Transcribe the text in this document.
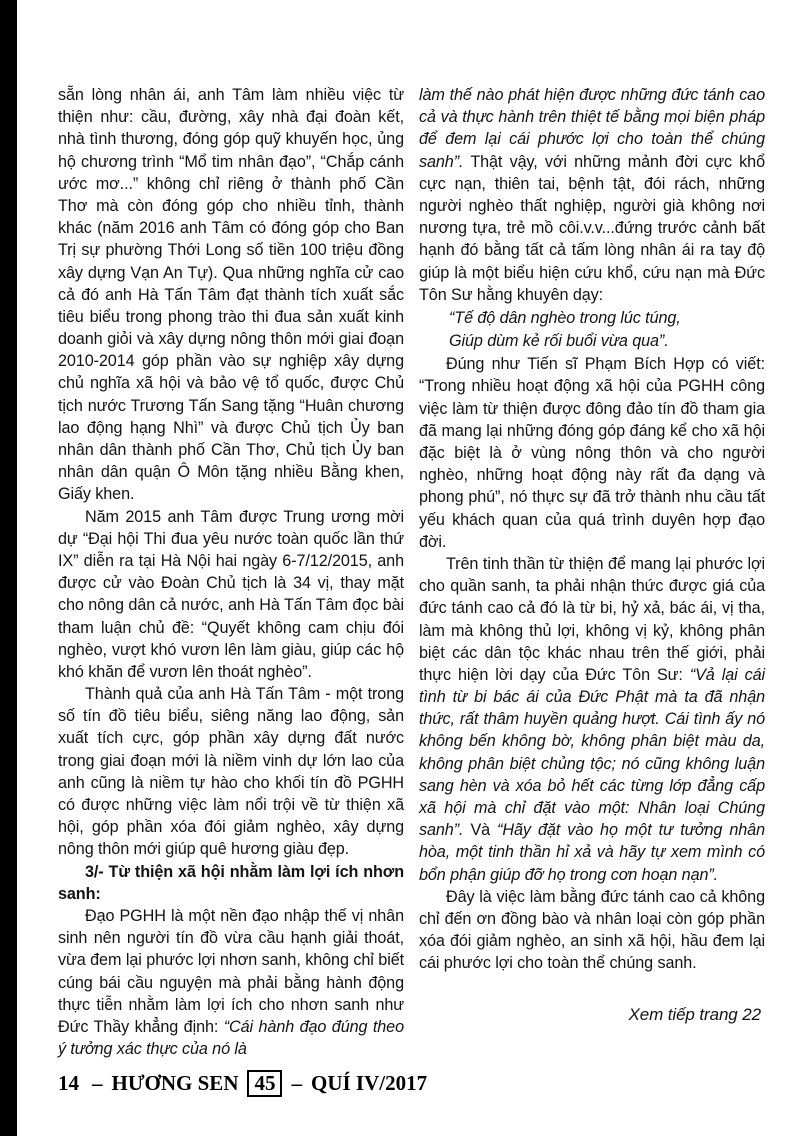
sẵn lòng nhân ái, anh Tâm làm nhiều việc từ thiện như: cầu, đường, xây nhà đại đoàn kết, nhà tình thương, đóng góp quỹ khuyến học, ủng hộ chương trình “Mổ tim nhân đạo”, “Chắp cánh ước mơ...” không chỉ riêng ở thành phố Cần Thơ mà còn đóng góp cho nhiều tỉnh, thành khác (năm 2016 anh Tâm có đóng góp cho Ban Trị sự phường Thới Long số tiền 100 triệu đồng xây dựng Vạn An Tự). Qua những nghĩa cử cao cả đó anh Hà Tấn Tâm đạt thành tích xuất sắc tiêu biểu trong phong trào thi đua sản xuất kinh doanh giỏi và xây dựng nông thôn mới giai đoạn 2010-2014 góp phần vào sự nghiệp xây dựng chủ nghĩa xã hội và bảo vệ tổ quốc, được Chủ tịch nước Trương Tấn Sang tặng “Huân chương lao động hạng Nhì” và được Chủ tịch Ủy ban nhân dân thành phố Cần Thơ, Chủ tịch Ủy ban nhân dân quận Ô Môn tặng nhiều Bằng khen, Giấy khen.

Năm 2015 anh Tâm được Trung ương mời dự “Đại hội Thi đua yêu nước toàn quốc lần thứ IX” diễn ra tại Hà Nội hai ngày 6-7/12/2015, anh được cử vào Đoàn Chủ tịch là 34 vị, thay mặt cho nông dân cả nước, anh Hà Tấn Tâm đọc bài tham luận chủ đề: “Quyết không cam chịu đói nghèo, vượt khó vươn lên làm giàu, giúp các hộ khó khăn để vươn lên thoát nghèo”.

Thành quả của anh Hà Tấn Tâm - một trong số tín đồ tiêu biểu, siêng năng lao động, sản xuất tích cực, góp phần xây dựng đất nước trong giai đoạn mới là niềm vinh dự lớn lao của anh cũng là niềm tự hào cho khối tín đồ PGHH có được những việc làm nổi trội về từ thiện xã hội, góp phần xóa đói giảm nghèo, xây dựng nông thôn mới giúp quê hương giàu đẹp.

3/- Từ thiện xã hội nhằm làm lợi ích nhơn sanh:

Đạo PGHH là một nền đạo nhập thế vị nhân sinh nên người tín đồ vừa cầu hạnh giải thoát, vừa đem lại phước lợi nhơn sanh, không chỉ biết cúng bái cầu nguyện mà phải bằng hành động thực tiễn nhằm làm lợi ích cho nhơn sanh như Đức Thầy khẳng định: “Cái hành đạo đúng theo ý tưởng xác thực của nó là

làm thế nào phát hiện được những đức tánh cao cả và thực hành trên thiệt tế bằng mọi biện pháp để đem lại cái phước lợi cho toàn thể chúng sanh”. Thật vậy, với những mảnh đời cực khổ cực nạn, thiên tai, bệnh tật, đói rách, những người nghèo thất nghiệp, người già không nơi nương tựa, trẻ mồ côi.v.v...đứng trước cảnh bất hạnh đó bằng tất cả tấm lòng nhân ái ra tay độ giúp là một biểu hiện cứu khổ, cứu nạn mà Đức Tôn Sư hằng khuyên dạy:

“Tế độ dân nghèo trong lúc túng,

Giúp dùm kẻ rối buổi vừa qua”.

Đúng như Tiến sĩ Phạm Bích Hợp có viết: “Trong nhiều hoạt động xã hội của PGHH công việc làm từ thiện được đông đảo tín đồ tham gia đã mang lại những đóng góp đáng kể cho xã hội đặc biệt là ở vùng nông thôn và cho người nghèo, những hoạt động này rất đa dạng và phong phú”, nó thực sự đã trở thành nhu cầu tất yếu khách quan của quá trình duyên hợp đạo đời.

Trên tinh thần từ thiện để mang lại phước lợi cho quần sanh, ta phải nhận thức được giá của đức tánh cao cả đó là từ bi, hỷ xả, bác ái, vị tha, làm mà không thủ lợi, không vị kỷ, không phân biệt các dân tộc khác nhau trên thế giới, phải thực hiện lời dạy của Đức Tôn Sư: “Vả lại cái tình từ bi bác ái của Đức Phật mà ta đã nhận thức, rất thâm huyền quảng hượt. Cái tình ấy nó không bến không bờ, không phân biệt màu da, không phân biệt chủng tộc; nó cũng không luận sang hèn và xóa bỏ hết các từng lớp đẳng cấp xã hội mà chỉ đặt vào một: Nhân loại Chúng sanh”. Và “Hãy đặt vào họ một tư tưởng nhân hòa, một tinh thần hỉ xả và hãy tự xem mình có bổn phận giúp đỡ họ trong cơn hoạn nạn”.

Đây là việc làm bằng đức tánh cao cả không chỉ đến ơn đồng bào và nhân loại còn góp phần xóa đói giảm nghèo, an sinh xã hội, hầu đem lại cái phước lợi cho toàn thể chúng sanh.

Xem tiếp trang 22

14 – HƯƠNG SEN 45 – QUÍ IV/2017
